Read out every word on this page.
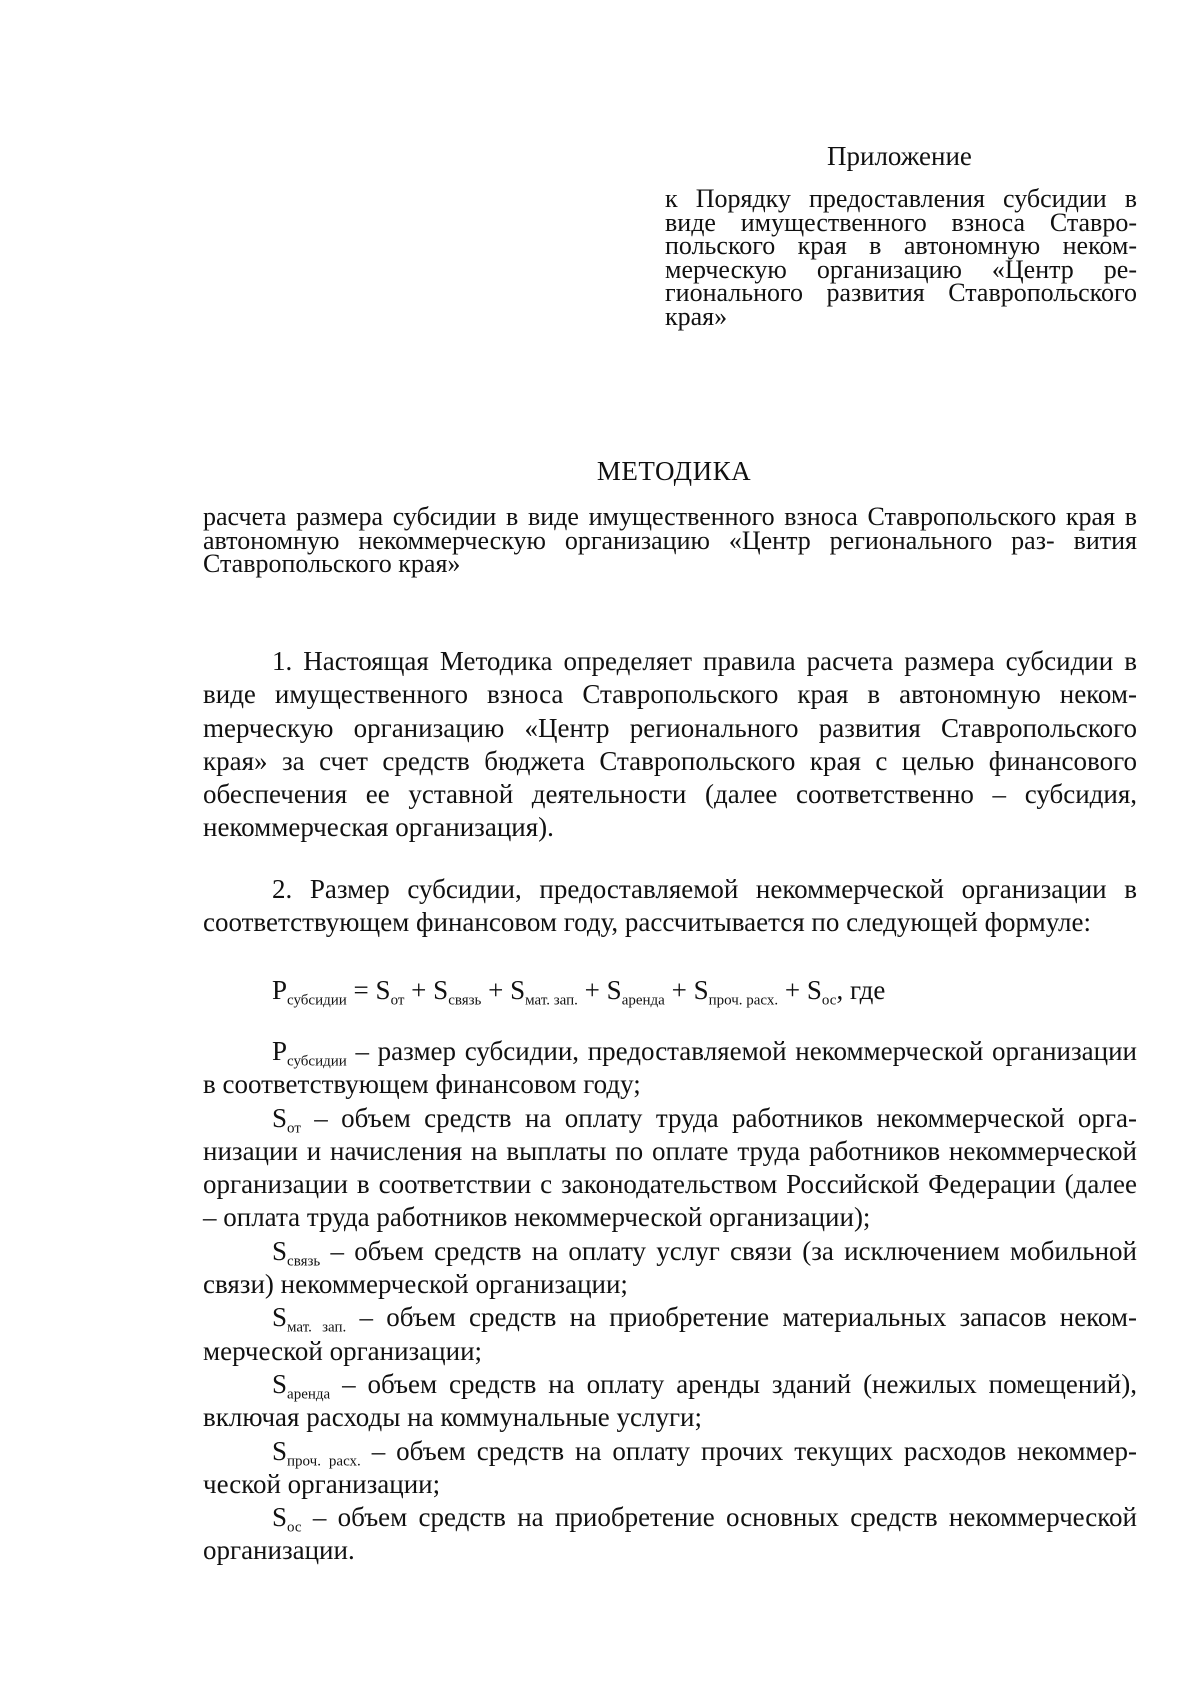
Приложение

к Порядку предоставления субсидии в виде имущественного взноса Ставро- польского края в автономную неком- мерческую организацию «Центр ре- гионального развития Ставропольского края»

МЕТОДИКА

расчета размера субсидии в виде имущественного взноса Ставропольского края в автономную некоммерческую организацию «Центр регионального раз- вития Ставропольского края»

1. Настоящая Методика определяет правила расчета размера субсидии в виде имущественного взноса Ставропольского края в автономную некомmерческую организацию «Центр регионального развития Ставропольского края» за счет средств бюджета Ставропольского края с целью финансового обеспечения ее уставной деятельности (далее соответственно – субсидия, некоммерческая организация).

2. Размер субсидии, предоставляемой некоммерческой организации в соответствующем финансовом году, рассчитывается по следующей формуле:

$P_{субсидии} = S_{от} + S_{связь} + S_{мат. зап.} + S_{аренда} + S_{проч. расх.} + S_{ос}$, где

$P_{субсидии}$ – размер субсидии, предоставляемой некоммерческой организации в соответствующем финансовом году;

$S_{от}$ – объем средств на оплату труда работников некоммерческой организации и начисления на выплаты по оплате труда работников некоммерческой организации в соответствии с законодательством Российской Федерации (далее – оплата труда работников некоммерческой организации);

$S_{связь}$ – объем средств на оплату услуг связи (за исключением мобильной связи) некоммерческой организации;

$S_{мат. зап.}$ – объем средств на приобретение материальных запасов некоммерческой организации;

$S_{аренда}$ – объем средств на оплату аренды зданий (нежилых помещений), включая расходы на коммунальные услуги;

$S_{проч. расх.}$ – объем средств на оплату прочих текущих расходов некоммерческой организации;

$S_{ос}$ – объем средств на приобретение основных средств некоммерческой организации.
